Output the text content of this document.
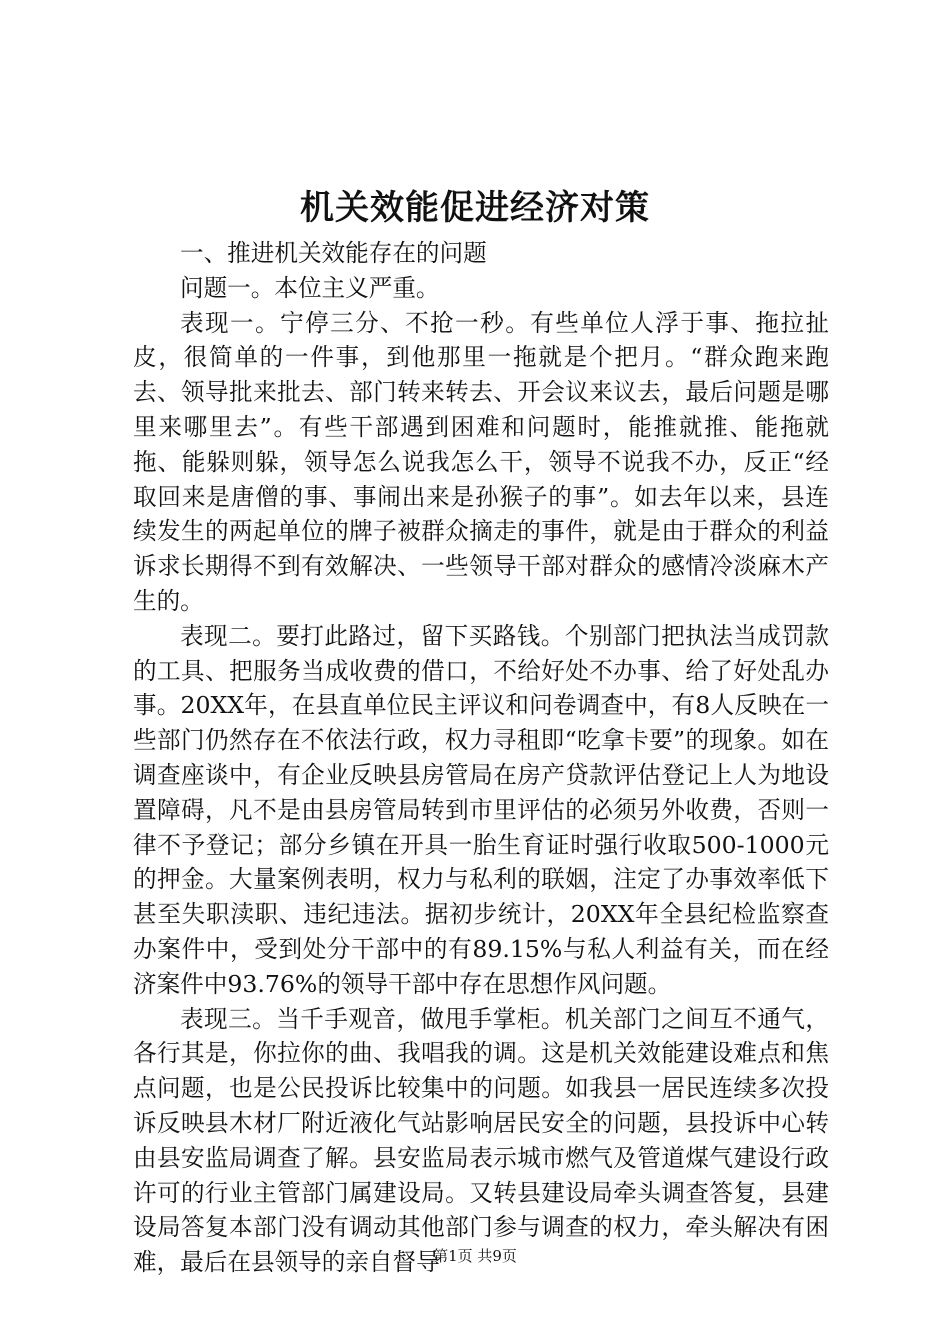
机关效能促进经济对策

一、推进机关效能存在的问题

问题一。本位主义严重。

表现一。宁停三分、不抢一秒。有些单位人浮于事、拖拉扯皮，很简单的一件事，到他那里一拖就是个把月。“群众跑来跑去、领导批来批去、部门转来转去、开会议来议去，最后问题是哪里来哪里去”。有些干部遇到困难和问题时，能推就推、能拖就拖、能躲则躲，领导怎么说我怎么干，领导不说我不办，反正“经取回来是唐僧的事、事闹出来是孙猴子的事”。如去年以来，县连续发生的两起单位的牌子被群众摘走的事件，就是由于群众的利益诉求长期得不到有效解决、一些领导干部对群众的感情冷淡麻木产生的。

表现二。要打此路过，留下买路钱。个别部门把执法当成罚款的工具、把服务当成收费的借口，不给好处不办事、给了好处乱办事。20XX年，在县直单位民主评议和问卷调查中，有8人反映在一些部门仍然存在不依法行政，权力寻租即“吃拿卡要”的现象。如在调查座谈中，有企业反映县房管局在房产贷款评估登记上人为地设置障碍，凡不是由县房管局转到市里评估的必须另外收费，否则一律不予登记；部分乡镇在开具一胎生育证时强行收取500-1000元的押金。大量案例表明，权力与私利的联姻，注定了办事效率低下甚至失职渎职、违纪违法。据初步统计，20XX年全县纪检监察查办案件中，受到处分干部中的有89.15%与私人利益有关，而在经济案件中93.76%的领导干部中存在思想作风问题。

表现三。当千手观音，做甩手掌柜。机关部门之间互不通气，各行其是，你拉你的曲、我唱我的调。这是机关效能建设难点和焦点问题，也是公民投诉比较集中的问题。如我县一居民连续多次投诉反映县木材厂附近液化气站影响居民安全的问题，县投诉中心转由县安监局调查了解。县安监局表示城市燃气及管道煤气建设行政许可的行业主管部门属建设局。又转县建设局牵头调查答复，县建设局答复本部门没有调动其他部门参与调查的权力，牵头解决有困难，最后在县领导的亲自督导

第1页 共9页
